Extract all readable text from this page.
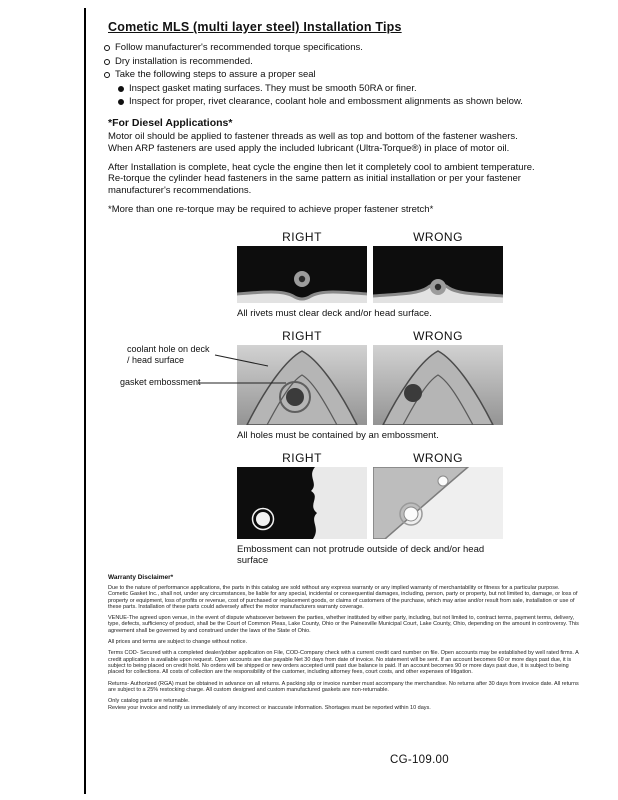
Cometic MLS (multi layer steel) Installation Tips
Follow manufacturer's recommended torque specifications.
Dry installation is recommended.
Take the following steps to assure a proper seal
Inspect gasket mating surfaces. They must be smooth 50RA or finer.
Inspect for proper, rivet clearance, coolant hole and embossment alignments as shown below.
*For Diesel Applications*

Motor oil should be applied to fastener threads as well as top and bottom of the fastener washers. When ARP fasteners are used apply the included lubricant (Ultra-Torque®) in place of motor oil.

After Installation is complete, heat cycle the engine then let it completely cool to ambient temperature. Re-torque the cylinder head fasteners in the same pattern as initial installation or per your fastener manufacturer's recommendations.

*More than one re-torque may be required to achieve proper fastener stretch*

RIGHT	WRONG
All rivets must clear deck and/or head surface.
RIGHT	WRONG
All holes must be contained by an embossment.
RIGHT	WRONG
Embossment can not protrude outside of deck and/or head surface
coolant hole on deck / head surface
gasket embossment
Warranty Disclaimer*

Due to the nature of performance applications, the parts in this catalog are sold without any express warranty or any implied warranty of merchantability or fitness for a particular purpose. Cometic Gasket Inc., shall not, under any circumstances, be liable for any special, incidental or consequential damages, including, person, party or property, but not limited to, damage, or loss of property or equipment, loss of profits or revenue, cost of purchased or replacement goods, or claims of customers of the purchase, which may arise and/or result from sale, installation or use of these parts. Installation of these parts could adversely affect the motor manufacturers warranty coverage.

VENUE-The agreed upon venue, in the event of dispute whatsoever between the parties, whether instituted by either party, including, but not limited to, contract terms, payment terms, delivery, type, defects, sufficiency of product, shall be the Court of Common Pleas, Lake County, Ohio or the Painesville Municipal Court, Lake County, Ohio, depending on the amount in controversy. This agreement shall be governed by and construed under the laws of the State of Ohio.

All prices and terms are subject to change without notice.

Terms COD- Secured with a completed dealer/jobber application on File, COD-Company check with a current credit card number on file. Open accounts may be established by well rated firms. A credit application is available upon request. Open accounts are due payable Net 30 days from date of invoice. No statement will be sent. If an account becomes 60 or more days past due, it is subject to being placed on credit hold. No orders will be shipped or new orders accepted until past due balance is paid. If an account becomes 90 or more days past due, it is subject to being placed for collections. All costs of collection are the responsibility of the customer, including attorney fees, court costs, and other expenses of litigation.

Returns- Authorized (RGA) must be obtained in advance on all returns. A packing slip or invoice number must accompany the merchandise. No returns after 30 days from invoice date. All returns are subject to a 25% restocking charge. All custom designed and custom manufactured gaskets are non-returnable.

Only catalog parts are returnable.

Review your invoice and notify us immediately of any incorrect or inaccurate information. Shortages must be reported within 10 days.

CG-109.00
